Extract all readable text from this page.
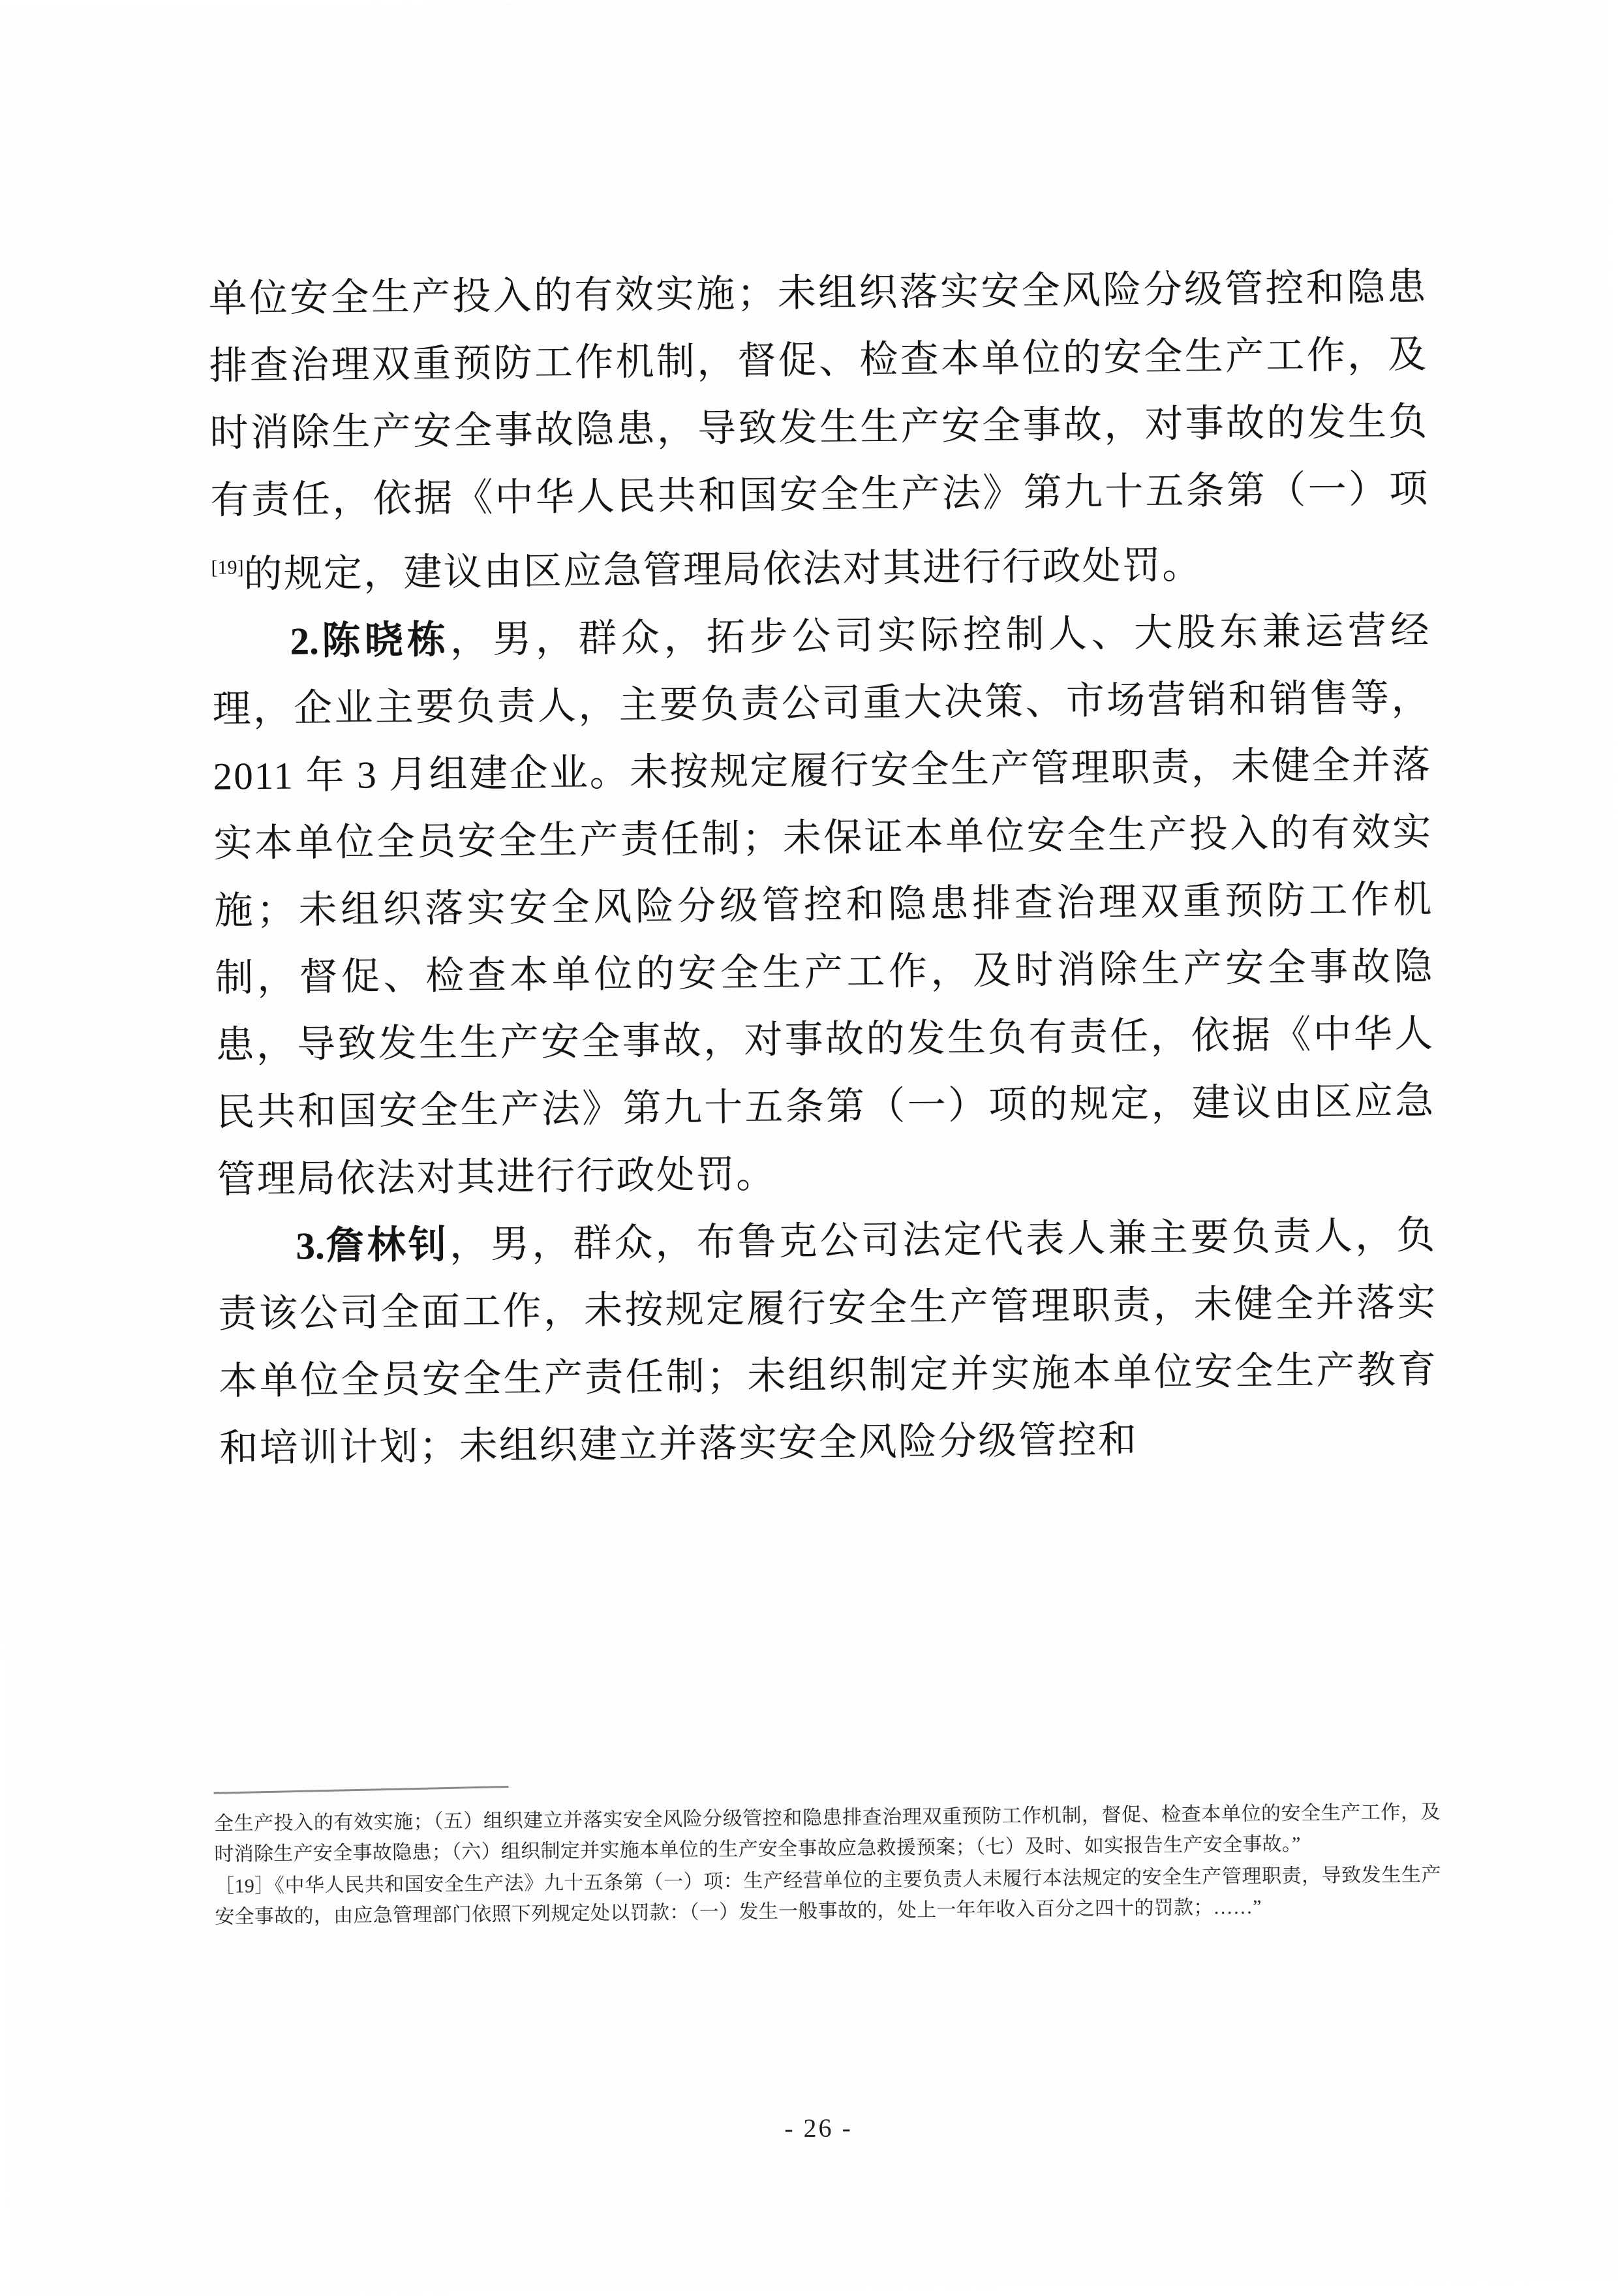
单位安全生产投入的有效实施；未组织落实安全风险分级管控和隐患排查治理双重预防工作机制，督促、检查本单位的安全生产工作，及时消除生产安全事故隐患，导致发生生产安全事故，对事故的发生负有责任，依据《中华人民共和国安全生产法》第九十五条第（一）项[19]的规定，建议由区应急管理局依法对其进行行政处罚。

2.陈晓栋，男，群众，拓步公司实际控制人、大股东兼运营经理，企业主要负责人，主要负责公司重大决策、市场营销和销售等，2011 年 3 月组建企业。未按规定履行安全生产管理职责，未健全并落实本单位全员安全生产责任制；未保证本单位安全生产投入的有效实施；未组织落实安全风险分级管控和隐患排查治理双重预防工作机制，督促、检查本单位的安全生产工作，及时消除生产安全事故隐患，导致发生生产安全事故，对事故的发生负有责任，依据《中华人民共和国安全生产法》第九十五条第（一）项的规定，建议由区应急管理局依法对其进行行政处罚。

3.詹林钊，男，群众，布鲁克公司法定代表人兼主要负责人，负责该公司全面工作，未按规定履行安全生产管理职责，未健全并落实本单位全员安全生产责任制；未组织制定并实施本单位安全生产教育和培训计划；未组织建立并落实安全风险分级管控和

全生产投入的有效实施；（五）组织建立并落实安全风险分级管控和隐患排查治理双重预防工作机制，督促、检查本单位的安全生产工作，及时消除生产安全事故隐患；（六）组织制定并实施本单位的生产安全事故应急救援预案；（七）及时、如实报告生产安全事故。”

［19］《中华人民共和国安全生产法》九十五条第（一）项：生产经营单位的主要负责人未履行本法规定的安全生产管理职责，导致发生生产安全事故的，由应急管理部门依照下列规定处以罚款：（一）发生一般事故的，处上一年年收入百分之四十的罚款；……”

- 26 -
